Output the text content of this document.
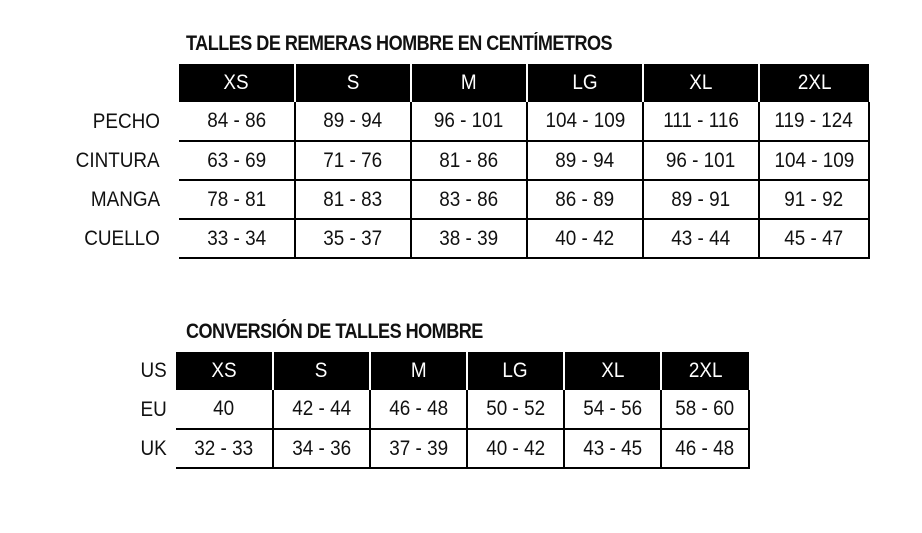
TALLES DE REMERAS HOMBRE EN CENTÍMETROS
	XS	S	M	LG	XL	2XL
PECHO	84 - 86	89 - 94	96 - 101	104 - 109	111 - 116	119 - 124
CINTURA	63 - 69	71 - 76	81 - 86	89 - 94	96 - 101	104 - 109
MANGA	78 - 81	81 - 83	83 - 86	86 - 89	89 - 91	91 - 92
CUELLO	33 - 34	35 - 37	38 - 39	40 - 42	43 - 44	45 - 47
CONVERSIÓN DE TALLES HOMBRE
US	XS	S	M	LG	XL	2XL
EU	40	42 - 44	46 - 48	50 - 52	54 - 56	58 - 60
UK	32 - 33	34 - 36	37 - 39	40 - 42	43 - 45	46 - 48
